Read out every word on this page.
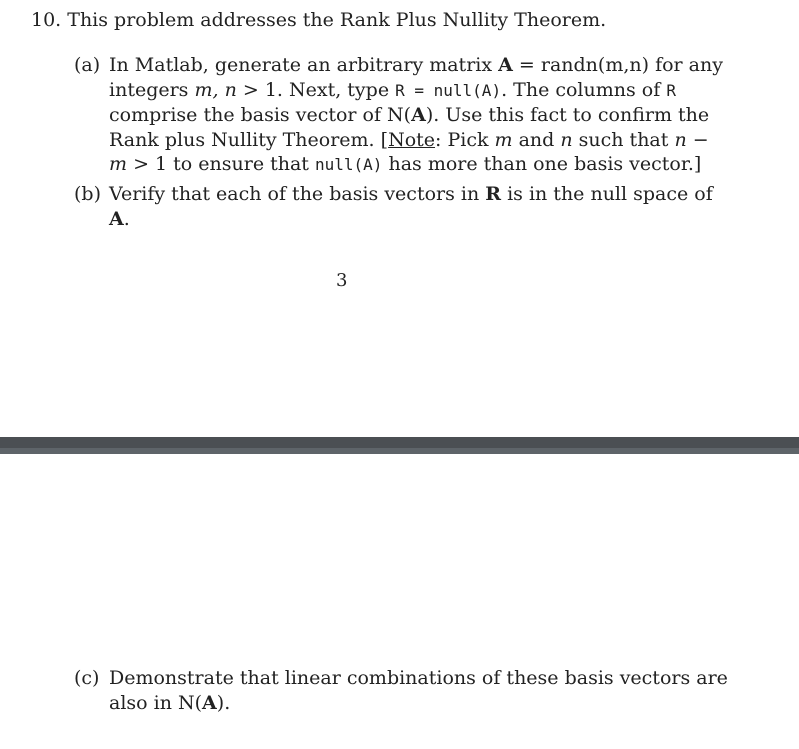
10. This problem addresses the Rank Plus Nullity Theorem.
(a) In Matlab, generate an arbitrary matrix A = randn(m,n) for any
integers m, n > 1. Next, type R = null(A). The columns of R
comprise the basis vector of N(A). Use this fact to confirm the
Rank plus Nullity Theorem. [Note: Pick m and n such that n −
m > 1 to ensure that null(A) has more than one basis vector.]
(b) Verify that each of the basis vectors in R is in the null space of
A.
3
(c) Demonstrate that linear combinations of these basis vectors are
also in N(A).
